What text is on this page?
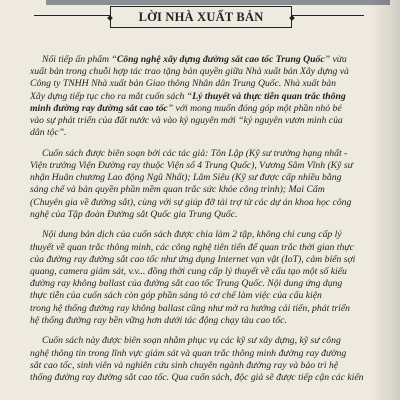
LỜI NHÀ XUẤT BẢN
Nối tiếp ấn phẩm “Công nghệ xây dựng đường sắt cao tốc Trung Quốc” vừa
xuất bản trong chuỗi hợp tác trao tặng bản quyền giữa Nhà xuất bản Xây dựng và
Công ty TNHH Nhà xuất bản Giao thông Nhân dân Trung Quốc. Nhà xuất bản
Xây dựng tiếp tục cho ra mắt cuốn sách “Lý thuyết và thực tiễn quan trắc thông
minh đường ray đường sắt cao tốc” với mong muốn đóng góp một phần nhỏ bé
vào sự phát triển của đất nước và vào kỷ nguyên mới “kỷ nguyên vươn mình của
dân tộc”.
Cuốn sách được biên soạn bởi các tác giả: Tôn Lập (Kỹ sư trưởng hạng nhất -
Viện trưởng Viện Đường ray thuộc Viện số 4 Trung Quốc), Vương Sâm Vĩnh (Kỹ sư
nhận Huân chương Lao động Ngũ Nhất); Lâm Siêu (Kỹ sư được cấp nhiều bằng
sáng chế và bản quyền phần mềm quan trắc sức khỏe công trình); Mai Cẩm
(Chuyên gia về đường sắt), cùng với sự giúp đỡ tài trợ từ các dự án khoa học công
nghệ của Tập đoàn Đường sắt Quốc gia Trung Quốc.
Nội dung bản dịch của cuốn sách được chia làm 2 tập, không chỉ cung cấp lý
thuyết về quan trắc thông minh, các công nghệ tiên tiến để quan trắc thời gian thực
của đường ray đường sắt cao tốc như ứng dụng Internet vạn vật (IoT), cảm biến sợi
quang, camera giám sát, v.v... đồng thời cung cấp lý thuyết về cấu tạo một số kiểu
đường ray không ballast của đường sắt cao tốc Trung Quốc. Nội dung ứng dụng
thực tiễn của cuốn sách còn góp phần sáng tỏ cơ chế làm việc của cấu kiện
trong hệ thống đường ray không ballast cũng như mở ra hướng cải tiến, phát triển
hệ thống đường ray bền vững hơn dưới tác động chạy tàu cao tốc.
Cuốn sách này được biên soạn nhằm phục vụ các kỹ sư xây dựng, kỹ sư công
nghệ thông tin trong lĩnh vực giám sát và quan trắc thông minh đường ray đường
sắt cao tốc, sinh viên và nghiên cứu sinh chuyên ngành đường ray và bảo trì hệ
thống đường ray đường sắt cao tốc. Qua cuốn sách, độc giả sẽ được tiếp cận các kiến
